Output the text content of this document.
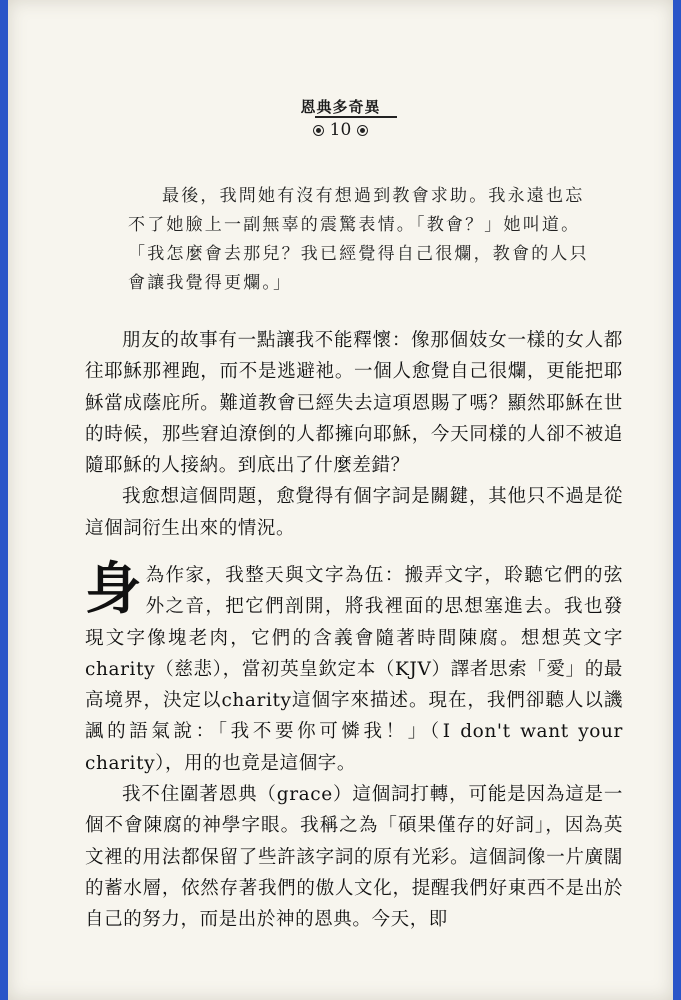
恩典多奇異
10

最後，我問她有沒有想過到教會求助。我永遠也忘

不了她臉上一副無辜的震驚表情。「教會？」她叫道。

「我怎麼會去那兒？我已經覺得自己很爛，教會的人只

會讓我覺得更爛。」

朋友的故事有一點讓我不能釋懷：像那個妓女一樣的女人都往耶穌那裡跑，而不是逃避祂。一個人愈覺自己很爛，更能把耶穌當成蔭庇所。難道教會已經失去這項恩賜了嗎？顯然耶穌在世的時候，那些窘迫潦倒的人都擁向耶穌，今天同樣的人卻不被追隨耶穌的人接納。到底出了什麼差錯？

我愈想這個問題，愈覺得有個字詞是關鍵，其他只不過是從這個詞衍生出來的情況。

身為作家，我整天與文字為伍：搬弄文字，聆聽它們的弦外之音，把它們剖開，將我裡面的思想塞進去。我也發現文字像塊老肉，它們的含義會隨著時間陳腐。想想英文字charity（慈悲），當初英皇欽定本（KJV）譯者思索「愛」的最高境界，決定以charity這個字來描述。現在，我們卻聽人以譏諷的語氣說：「我不要你可憐我！」（I don't want your charity），用的也竟是這個字。

我不住圍著恩典（grace）這個詞打轉，可能是因為這是一個不會陳腐的神學字眼。我稱之為「碩果僅存的好詞」，因為英文裡的用法都保留了些許該字詞的原有光彩。這個詞像一片廣闊的蓄水層，依然存著我們的傲人文化，提醒我們好東西不是出於自己的努力，而是出於神的恩典。今天，即
